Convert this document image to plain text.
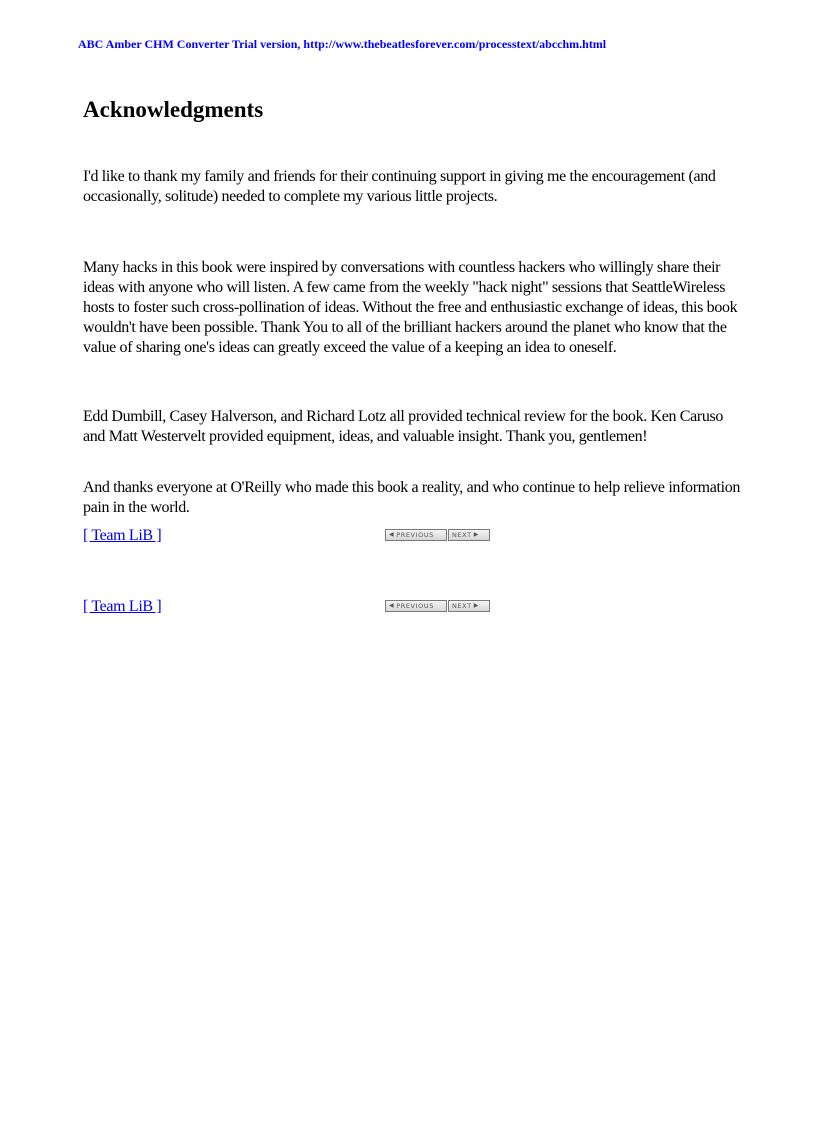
ABC Amber CHM Converter Trial version, http://www.thebeatlesforever.com/processtext/abcchm.html
Acknowledgments

I'd like to thank my family and friends for their continuing support in giving me the encouragement (and occasionally, solitude) needed to complete my various little projects.

Many hacks in this book were inspired by conversations with countless hackers who willingly share their ideas with anyone who will listen. A few came from the weekly "hack night" sessions that SeattleWireless hosts to foster such cross-pollination of ideas. Without the free and enthusiastic exchange of ideas, this book wouldn't have been possible. Thank You to all of the brilliant hackers around the planet who know that the value of sharing one's ideas can greatly exceed the value of a keeping an idea to oneself.

Edd Dumbill, Casey Halverson, and Richard Lotz all provided technical review for the book. Ken Caruso and Matt Westervelt provided equipment, ideas, and valuable insight. Thank you, gentlemen!

And thanks everyone at O'Reilly who made this book a reality, and who continue to help relieve information pain in the world.

[ Team LiB ]	◀ PREVIOUS	NEXT ▶
[ Team LiB ]	◀ PREVIOUS	NEXT ▶
